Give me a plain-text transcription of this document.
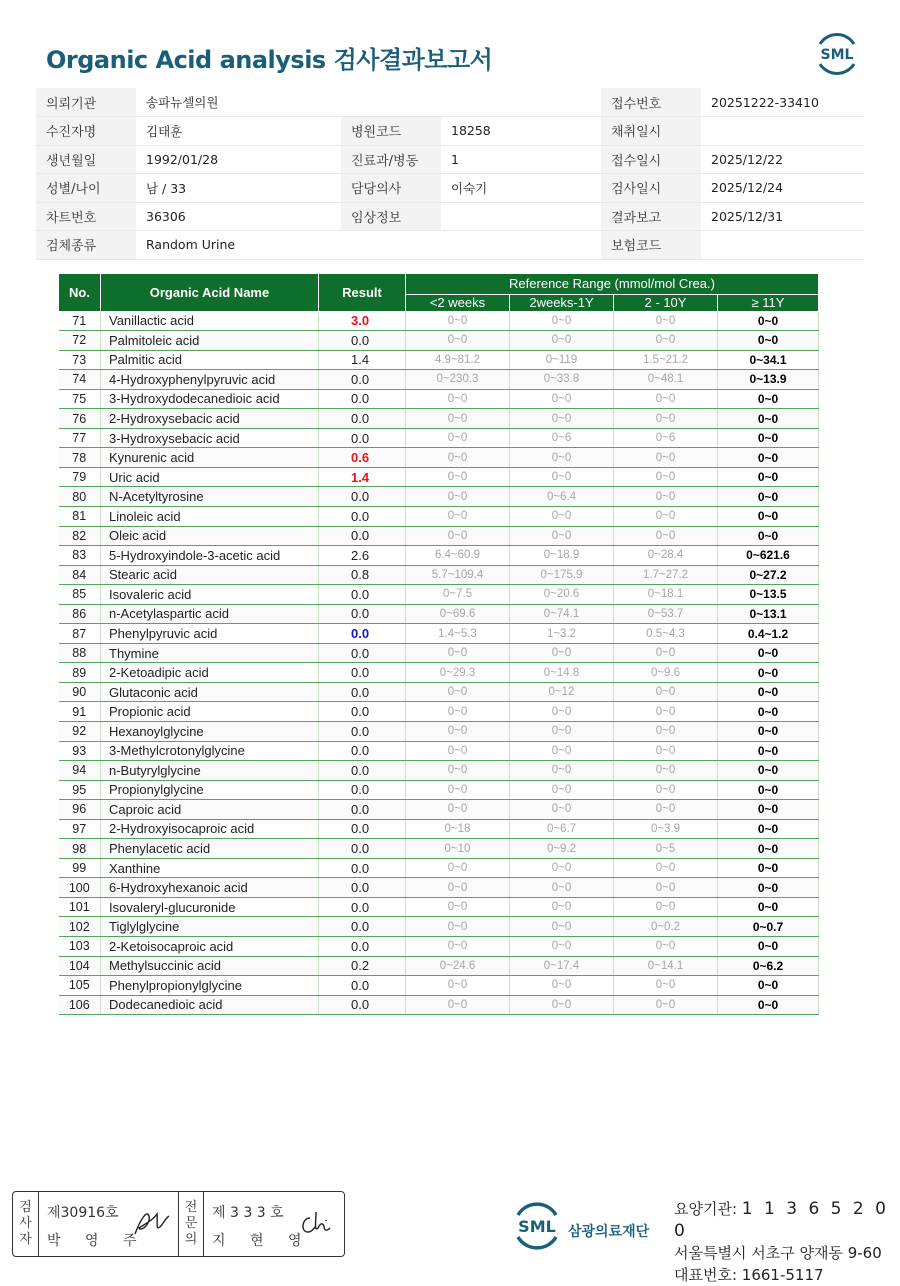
Organic Acid analysis 검사결과보고서	SML
의뢰기관	송파뉴셀의원			접수번호	20251222-33410
수진자명	김태훈	병원코드	18258	채취일시	
생년월일	1992/01/28	진료과/병동	1	접수일시	2025/12/22
성별/나이	남 / 33	담당의사	이숙기	검사일시	2025/12/24
차트번호	36306	임상정보		결과보고	2025/12/31
검체종류	Random Urine			보험코드	
No.	Organic Acid Name	Result	Reference Range (mmol/mol Crea.)			
			<2 weeks	2weeks-1Y	2 - 10Y	≥ 11Y
71	Vanillactic acid	3.0	0~0	0~0	0~0	0~0
72	Palmitoleic acid	0.0	0~0	0~0	0~0	0~0
73	Palmitic acid	1.4	4.9~81.2	0~119	1.5~21.2	0~34.1
74	4-Hydroxyphenylpyruvic acid	0.0	0~230.3	0~33.8	0~48.1	0~13.9
75	3-Hydroxydodecanedioic acid	0.0	0~0	0~0	0~0	0~0
76	2-Hydroxysebacic acid	0.0	0~0	0~0	0~0	0~0
77	3-Hydroxysebacic acid	0.0	0~0	0~6	0~6	0~0
78	Kynurenic acid	0.6	0~0	0~0	0~0	0~0
79	Uric acid	1.4	0~0	0~0	0~0	0~0
80	N-Acetyltyrosine	0.0	0~0	0~6.4	0~0	0~0
81	Linoleic acid	0.0	0~0	0~0	0~0	0~0
82	Oleic acid	0.0	0~0	0~0	0~0	0~0
83	5-Hydroxyindole-3-acetic acid	2.6	6.4~60.9	0~18.9	0~28.4	0~621.6
84	Stearic acid	0.8	5.7~109.4	0~175.9	1.7~27.2	0~27.2
85	Isovaleric acid	0.0	0~7.5	0~20.6	0~18.1	0~13.5
86	n-Acetylaspartic acid	0.0	0~69.6	0~74.1	0~53.7	0~13.1
87	Phenylpyruvic acid	0.0	1.4~5.3	1~3.2	0.5~4.3	0.4~1.2
88	Thymine	0.0	0~0	0~0	0~0	0~0
89	2-Ketoadipic acid	0.0	0~29.3	0~14.8	0~9.6	0~0
90	Glutaconic acid	0.0	0~0	0~12	0~0	0~0
91	Propionic acid	0.0	0~0	0~0	0~0	0~0
92	Hexanoylglycine	0.0	0~0	0~0	0~0	0~0
93	3-Methylcrotonylglycine	0.0	0~0	0~0	0~0	0~0
94	n-Butyrylglycine	0.0	0~0	0~0	0~0	0~0
95	Propionylglycine	0.0	0~0	0~0	0~0	0~0
96	Caproic acid	0.0	0~0	0~0	0~0	0~0
97	2-Hydroxyisocaproic acid	0.0	0~18	0~6.7	0~3.9	0~0
98	Phenylacetic acid	0.0	0~10	0~9.2	0~5	0~0
99	Xanthine	0.0	0~0	0~0	0~0	0~0
100	6-Hydroxyhexanoic acid	0.0	0~0	0~0	0~0	0~0
101	Isovaleryl-glucuronide	0.0	0~0	0~0	0~0	0~0
102	Tiglylglycine	0.0	0~0	0~0	0~0.2	0~0.7
103	2-Ketoisocaproic acid	0.0	0~0	0~0	0~0	0~0
104	Methylsuccinic acid	0.2	0~24.6	0~17.4	0~14.1	0~6.2
105	Phenylpropionylglycine	0.0	0~0	0~0	0~0	0~0
106	Dodecanedioic acid	0.0	0~0	0~0	0~0	0~0
검
사
자
제30916호
박 영 주
전
문
의
제 3 3 3 호
지 현 영
SML 삼광의료재단
요양기관: 1 1 3 6 5 2 0 0
서울특별시 서초구 양재동 9-60
대표번호: 1661-5117
